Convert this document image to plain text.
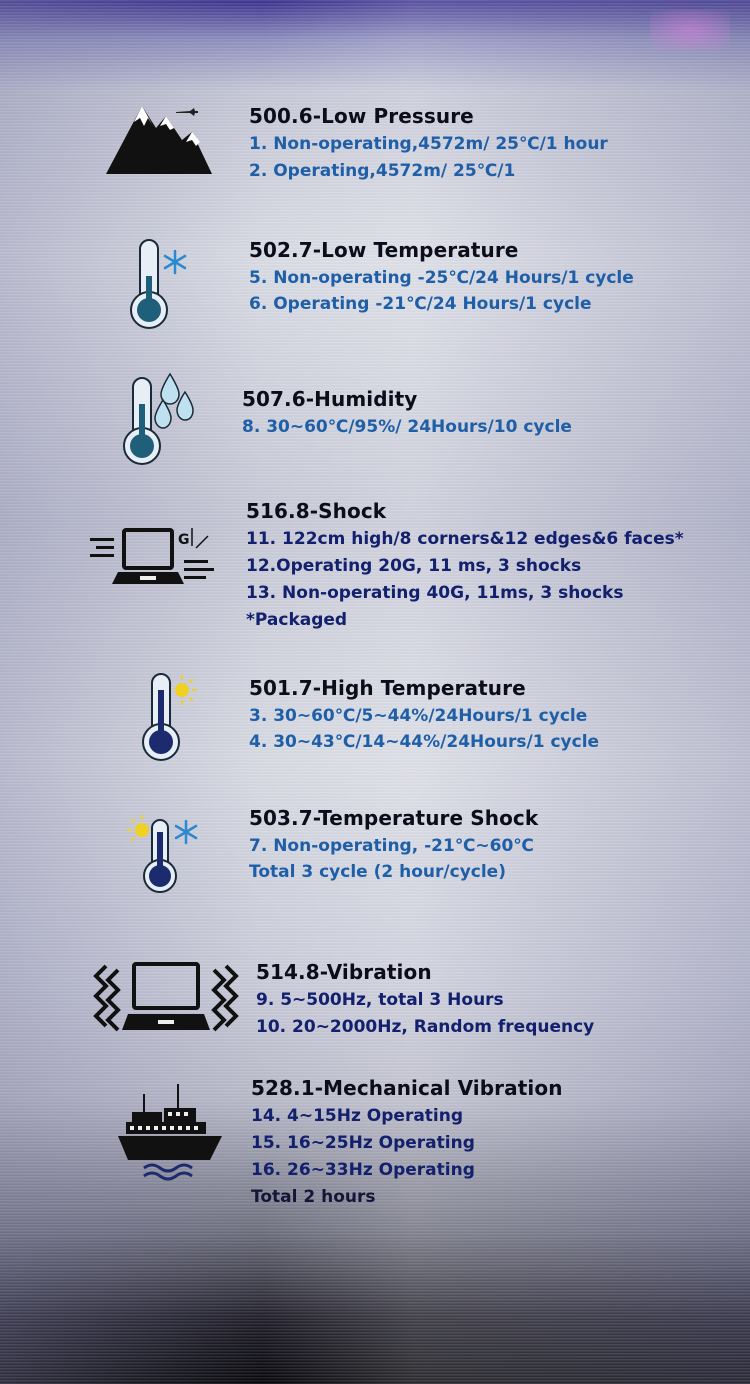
500.6-Low Pressure
1. Non-operating,4572m/ 25℃/1 hour
2. Operating,4572m/ 25℃/1
502.7-Low Temperature
5. Non-operating -25℃/24 Hours/1 cycle
6. Operating -21℃/24 Hours/1 cycle
507.6-Humidity
8. 30~60℃/95%/ 24Hours/10 cycle
G
516.8-Shock
11. 122cm high/8 corners&12 edges&6 faces*
12.Operating 20G, 11 ms, 3 shocks
13. Non-operating 40G, 11ms, 3 shocks
*Packaged
501.7-High Temperature
3. 30~60℃/5~44%/24Hours/1 cycle
4. 30~43℃/14~44%/24Hours/1 cycle
503.7-Temperature Shock
7. Non-operating, -21℃~60℃
Total 3 cycle (2 hour/cycle)
514.8-Vibration
9. 5~500Hz, total 3 Hours
10. 20~2000Hz, Random frequency
528.1-Mechanical Vibration
14. 4~15Hz Operating
15. 16~25Hz Operating
16. 26~33Hz Operating
Total 2 hours
